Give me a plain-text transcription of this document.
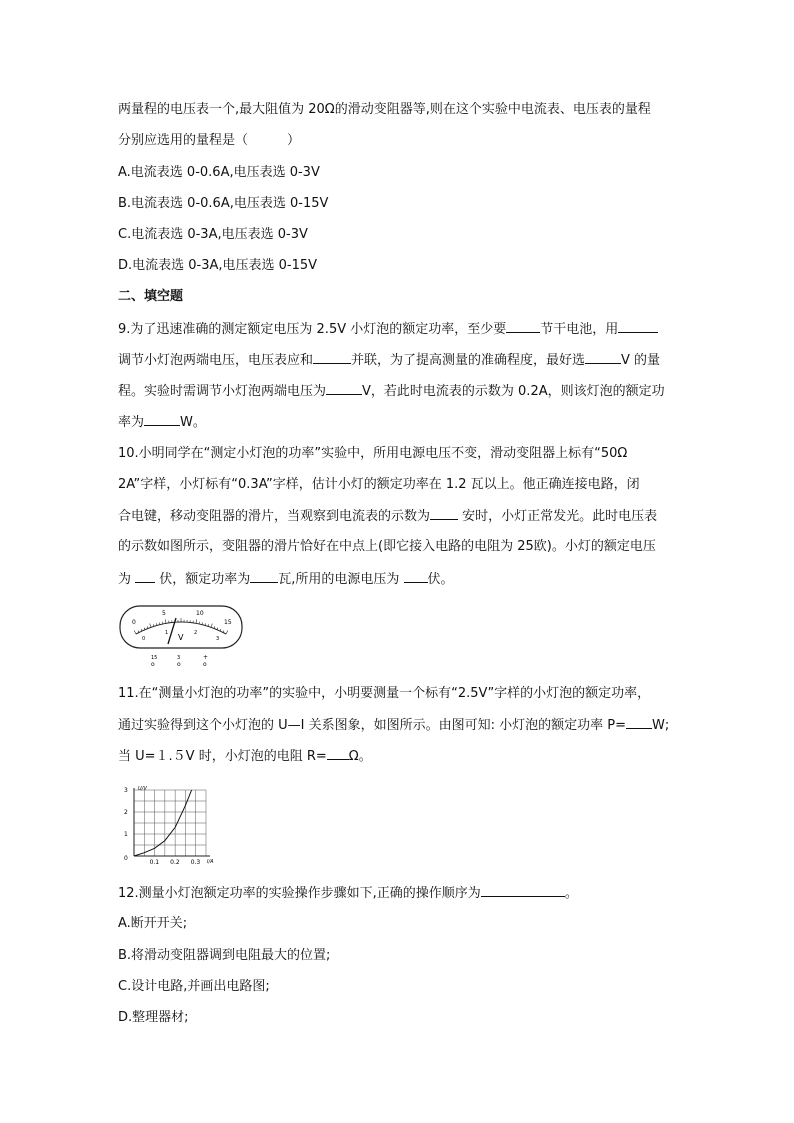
两量程的电压表一个,最大阻值为 20Ω的滑动变阻器等,则在这个实验中电流表、电压表的量程
分别应选用的量程是（　　　）
A.电流表选 0-0.6A,电压表选 0-3V
B.电流表选 0-0.6A,电压表选 0-15V
C.电流表选 0-3A,电压表选 0-3V
D.电流表选 0-3A,电压表选 0-15V
二、填空题
9.为了迅速准确的测定额定电压为 2.5V 小灯泡的额定功率，至少要	节干电池，用
调节小灯泡两端电压，电压表应和	并联，为了提高测量的准确程度，最好选	V 的量
程。实验时需调节小灯泡两端电压为	V，若此时电流表的示数为 0.2A，则该灯泡的额定功
率为	W。
10.小明同学在“测定小灯泡的功率”实验中，所用电源电压不变，滑动变阻器上标有“50Ω
2A”字样，小灯标有“0.3A”字样，估计小灯的额定功率在 1.2 瓦以上。他正确连接电路，闭
合电键，移动变阻器的滑片，当观察到电流表的示数为 安时，小灯正常发光。此时电压表
的示数如图所示，变阻器的滑片恰好在中点上(即它接入电路的电阻为 25欧)。小灯的额定电压
为  伏，额定功率为 瓦,所用的电源电压为 伏。
0
5	10
15
0
1	2
3
V
15	3	+
o	o	o
11.在“测量小灯泡的功率”的实验中，小明要测量一个标有“2.5V”字样的小灯泡的额定功率，
通过实验得到这个小灯泡的 U—I 关系图象，如图所示。由图可知: 小灯泡的额定功率 P= W;
当 U=１.５V 时，小灯泡的电阻 R= Ω。
U/V
I/A
0
0.1 0.2 0.3
1
2
3
12.测量小灯泡额定功率的实验操作步骤如下,正确的操作顺序为	。
A.断开开关;
B.将滑动变阻器调到电阻最大的位置;
C.设计电路,并画出电路图;
D.整理器材;
